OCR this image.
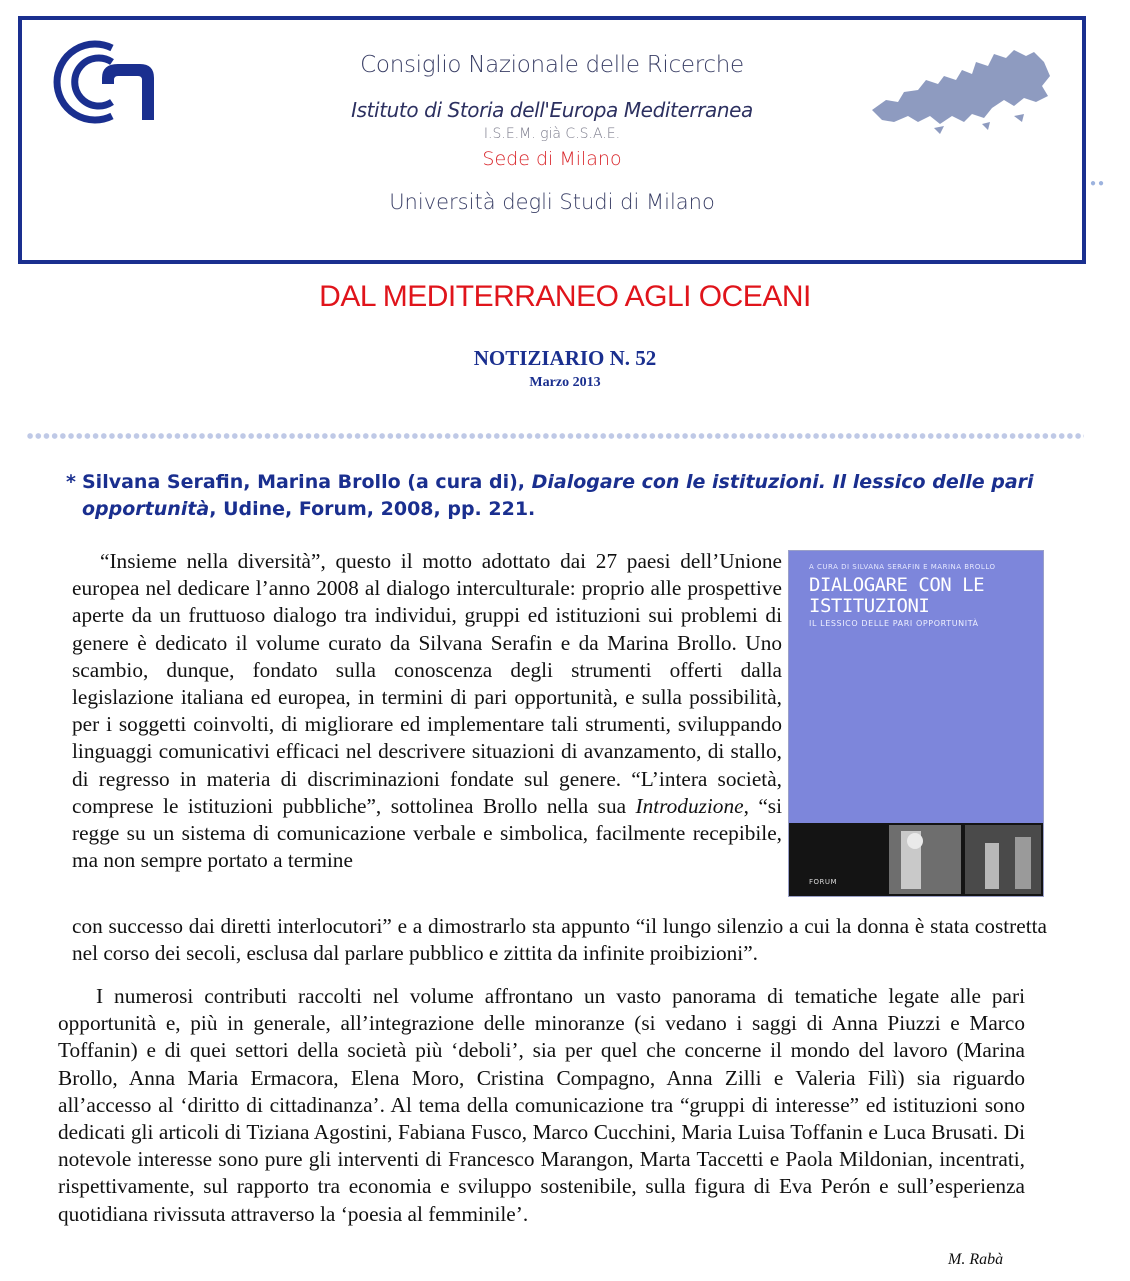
Consiglio Nazionale delle Ricerche
Istituto di Storia dell'Europa Mediterranea
I.S.E.M. già C.S.A.E.
Sede di Milano
Università degli Studi di Milano
●●
DAL MEDITERRANEO AGLI OCEANI
NOTIZIARIO N. 52
Marzo 2013
* Silvana Serafin, Marina Brollo (a cura di), Dialogare con le istituzioni. Il lessico delle pari opportunità, Udine, Forum, 2008, pp. 221.
A CURA DI SILVANA SERAFIN E MARINA BROLLO
DIALOGARE CON LE ISTITUZIONI
IL LESSICO DELLE PARI OPPORTUNITÀ
FORUM
“Insieme nella diversità”, questo il motto adottato dai 27 paesi dell’Unione europea nel dedicare l’anno 2008 al dialogo interculturale: proprio alle prospettive aperte da un fruttuoso dialogo tra individui, gruppi ed istituzioni sui problemi di genere è dedicato il volume curato da Silvana Serafin e da Marina Brollo. Uno scambio, dunque, fondato sulla conoscenza degli strumenti offerti dalla legislazione italiana ed europea, in termini di pari opportunità, e sulla possibilità, per i soggetti coinvolti, di migliorare ed implementare tali strumenti, sviluppando linguaggi comunicativi efficaci nel descrivere situazioni di avanzamento, di stallo, di regresso in materia di discriminazioni fondate sul genere. “L’intera società, comprese le istituzioni pubbliche”, sottolinea Brollo nella sua Introduzione, “si regge su un sistema di comunicazione verbale e simbolica, facilmente recepibile, ma non sempre portato a termine
con successo dai diretti interlocutori” e a dimostrarlo sta appunto “il lungo silenzio a cui la donna è stata costretta nel corso dei secoli, esclusa dal parlare pubblico e zittita da infinite proibizioni”.
I numerosi contributi raccolti nel volume affrontano un vasto panorama di tematiche legate alle pari opportunità e, più in generale, all’integrazione delle minoranze (si vedano i saggi di Anna Piuzzi e Marco Toffanin) e di quei settori della società più ‘deboli’, sia per quel che concerne il mondo del lavoro (Marina Brollo, Anna Maria Ermacora, Elena Moro, Cristina Compagno, Anna Zilli e Valeria Filì) sia riguardo all’accesso al ‘diritto di cittadinanza’. Al tema della comunicazione tra “gruppi di interesse” ed istituzioni sono dedicati gli articoli di Tiziana Agostini, Fabiana Fusco, Marco Cucchini, Maria Luisa Toffanin e Luca Brusati. Di notevole interesse sono pure gli interventi di Francesco Marangon, Marta Taccetti e Paola Mildonian, incentrati, rispettivamente, sul rapporto tra economia e sviluppo sostenibile, sulla figura di Eva Perón e sull’esperienza quotidiana rivissuta attraverso la ‘poesia al femminile’.
M. Rabà
